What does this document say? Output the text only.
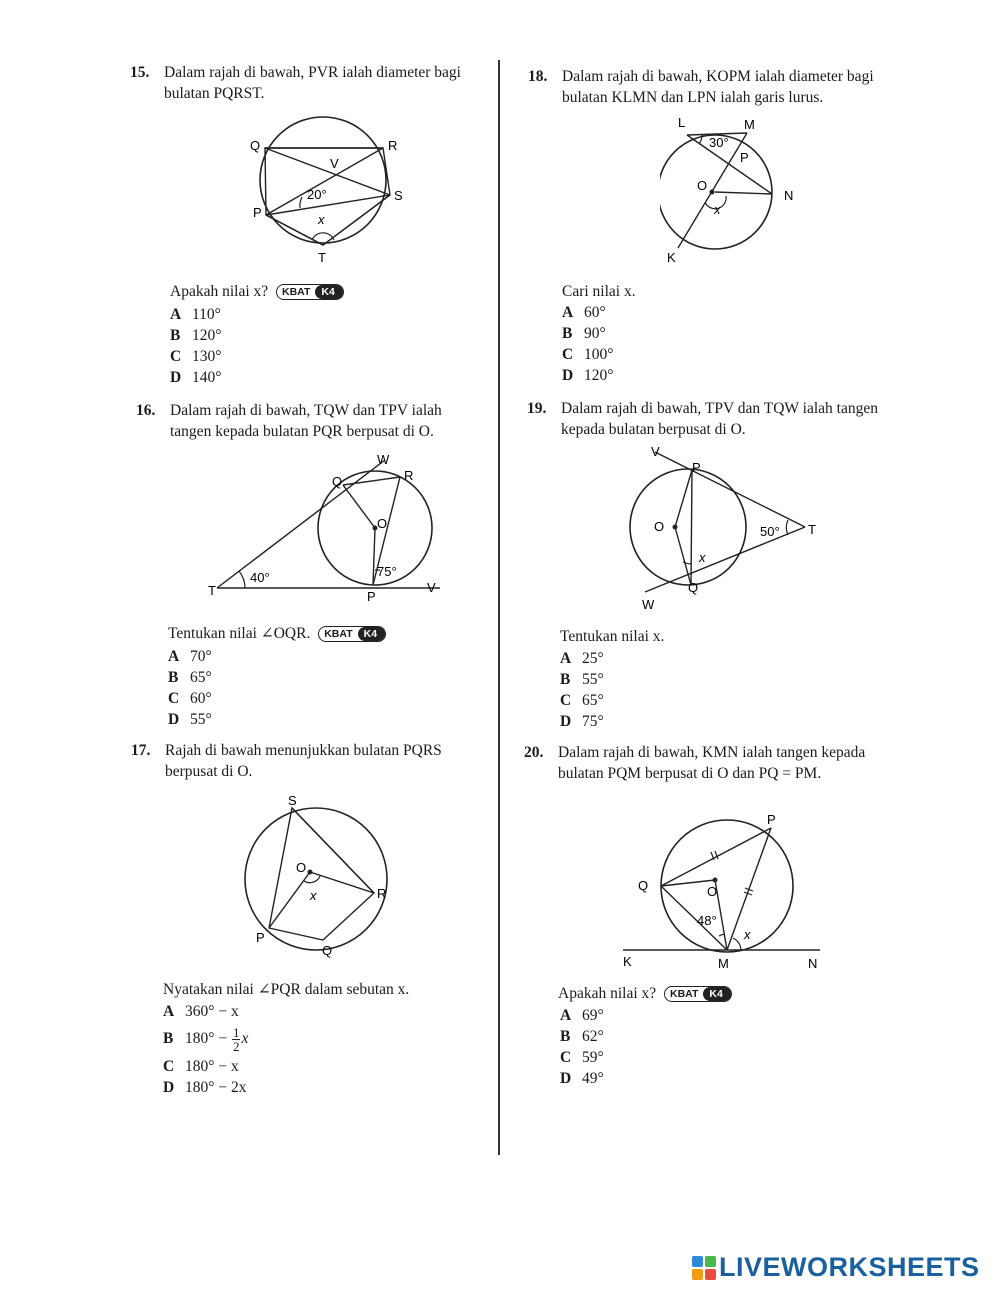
15. Dalam rajah di bawah, PVR ialah diameter bagi bulatan PQRST.
Q	R
V
20°	S
P	x
T
Apakah nilai x? KBAT	K4
A 110°
B 120°
C 130°
D 140°
16. Dalam rajah di bawah, TQW dan TPV ialah tangen kepada bulatan PQR berpusat di O.
W
Q	R
O
40°	75°
T	P
V
Tentukan nilai ∠OQR. KBAT	K4
A 70°
B 65°
C 60°
D 55°
17. Rajah di bawah menunjukkan bulatan PQRS berpusat di O.
S
O
x	R
P
Q
Nyatakan nilai ∠PQR dalam sebutan x.
A 360° − x
B $180^\circ - \frac{1}{2}$ x
C 180° − x
D 180° − 2x
18. Dalam rajah di bawah, KOPM ialah diameter bagi bulatan KLMN dan LPN ialah garis lurus.
L	M
30°
P
O
N
x
K
Cari nilai x.
A 60°
B 90°
C 100°
D 120°
19. Dalam rajah di bawah, TPV dan TQW ialah tangen kepada bulatan berpusat di O.
V
P
O	50° T
x
Q
W
Tentukan nilai x.
A 25°
B 55°
C 65°
D 75°
20. Dalam rajah di bawah, KMN ialah tangen kepada bulatan PQM berpusat di O dan PQ = PM.
P
Q	O
48°
x
K	M	N
Apakah nilai x? KBAT	K4
A 69°
B 62°
C 59°
D 49°
LIVEWORKSHEETS
